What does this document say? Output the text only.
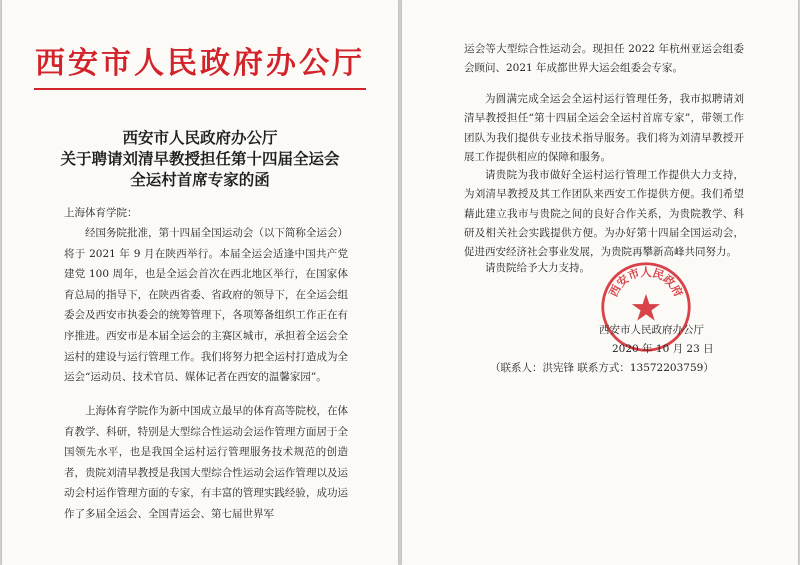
西安市人民政府办公厅
西安市人民政府办公厅
关于聘请刘清早教授担任第十四届全运会
全运村首席专家的函
上海体育学院：

经国务院批准，第十四届全国运动会（以下简称全运会）将于 2021 年 9 月在陕西举行。本届全运会适逢中国共产党建党 100 周年，也是全运会首次在西北地区举行，在国家体育总局的指导下，在陕西省委、省政府的领导下，在全运会组委会及西安市执委会的统筹管理下，各项筹备组织工作正在有序推进。西安市是本届全运会的主赛区城市，承担着全运会全运村的建设与运行管理工作。我们将努力把全运村打造成为全运会“运动员、技术官员、媒体记者在西安的温馨家园”。

上海体育学院作为新中国成立最早的体育高等院校，在体育教学、科研，特别是大型综合性运动会运作管理方面居于全国领先水平，也是我国全运村运行管理服务技术规范的创造者，贵院刘清早教授是我国大型综合性运动会运作管理以及运动会村运作管理方面的专家，有丰富的管理实践经验，成功运作了多届全运会、全国青运会、第七届世界军

运会等大型综合性运动会。现担任 2022 年杭州亚运会组委会顾问、2021 年成都世界大运会组委会专家。

为圆满完成全运会全运村运行管理任务，我市拟聘请刘清早教授担任“第十四届全运会全运村首席专家”，带领工作团队为我们提供专业技术指导服务。我们将为刘清早教授开展工作提供相应的保障和服务。

请贵院为我市做好全运村运行管理工作提供大力支持，为刘清早教授及其工作团队来西安工作提供方便。我们希望藉此建立我市与贵院之间的良好合作关系，为贵院教学、科研及相关社会实践提供方便。为办好第十四届全国运动会，促进西安经济社会事业发展，为贵院再攀新高峰共同努力。

请贵院给予大力支持。

西安市人民政府
西安市人民政府办公厅
2020 年 10 月 23 日
（联系人：洪宪锋 联系方式：13572203759）
